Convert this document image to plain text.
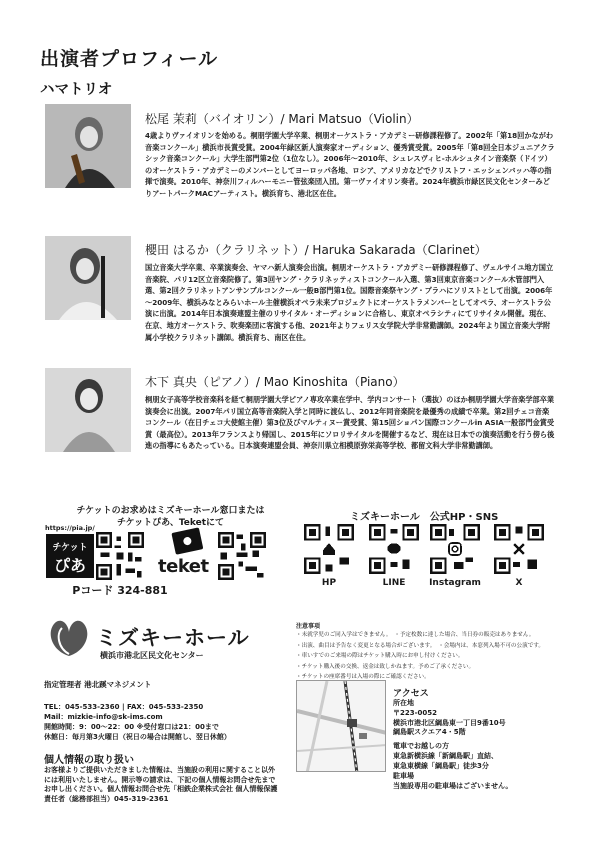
出演者プロフィール
ハマトリオ
松尾 茉莉（バイオリン）/ Mari Matsuo（Violin）
4歳よりヴァイオリンを始める。桐朋学園大学卒業、桐朋オーケストラ・アカデミー研修課程修了。2002年「第18回かながわ音楽コンクール」横浜市長賞受賞。2004年緑区新人演奏家オーディション、優秀賞受賞。2005年「第8回全日本ジュニアクラシック音楽コンクール」大学生部門第2位（1位なし）。2006年～2010年、シュレスヴィヒ-ホルシュタイン音楽祭（ドイツ）のオーケストラ・アカデミーのメンバーとしてヨーロッパ各地、ロシア、アメリカなどでクリストフ・エッシェンバッハ等の指揮で演奏。2010年、神奈川フィルハーモニー管弦楽団入団。第一ヴァイオリン奏者。2024年横浜市緑区民文化センターみどりアートパークMACアーティスト。横浜育ち、港北区在住。
櫻田 はるか（クラリネット）/ Haruka Sakarada（Clarinet）
国立音楽大学卒業、卒業演奏会、ヤマハ新人演奏会出演。桐朋オーケストラ・アカデミー研修課程修了、ヴェルサイユ地方国立音楽院、パリ12区立音楽院修了。第3回ヤング・クラリネッティストコンクール入選、第3回東京音楽コンクール木管部門入選、第2回クラリネットアンサンブルコンクール一般B部門第1位。国際音楽祭ヤング・プラハにソリストとして出演。2006年～2009年、横浜みなとみらいホール主催横浜オペラ未来プロジェクトにオーケストラメンバーとしてオペラ、オーケストラ公演に出演。2014年日本演奏連盟主催のリサイタル・オーディションに合格し、東京オペラシティにてリサイタル開催。現在、在京、地方オーケストラ、吹奏楽団に客演する他、2021年よりフェリス女学院大学非常勤講師。2024年より国立音楽大学附属小学校クラリネット講師。横浜育ち、南区在住。
木下 真央（ピアノ）/ Mao Kinoshita（Piano）
桐朋女子高等学校音楽科を経て桐朋学園大学ピアノ専攻卒業在学中、学内コンサート（選抜）のほか桐朋学園大学音楽学部卒業演奏会に出演。2007年パリ国立高等音楽院入学と同時に渡仏し、2012年同音楽院を最優秀の成績で卒業。第2回チェコ音楽コンクール（在日チェコ大使館主催）第3位及びマルティヌー賞受賞、第15回ショパン国際コンクールin ASIA一般部門金賞受賞（最高位）。2013年フランスより帰国し、2015年にソロリサイタルを開催するなど、現在は日本での演奏活動を行う傍ら後進の指導にもあたっている。日本演奏連盟会員、神奈川県立相模原弥栄高等学校、都留文科大学非常勤講師。
チケットのお求めはミズキーホール窓口または
チケットぴあ、Teketにて
https://pia.jp/
チケット
ぴあ	teket
Pコード 324-881
ミズキーホール　公式HP・SNS
HP	LINE	Instagram	X
ミズキーホール
横浜市港北区民文化センター
指定管理者 港北蹊マネジメント
TEL：045-533-2360 | FAX：045-533-2350
Mail：mizkie-info@sk-ims.com
開館時間：9：00～22：00 ※受付窓口は21：00まで
休館日：毎月第3火曜日（祝日の場合は開館し、翌日休館）
個人情報の取り扱い
お客様よりご提供いただきました情報は、当施設の利用に関すること以外には利用いたしません。開示等の請求は、下記の個人情報お問合せ先までお申し出ください。個人情報お問合せ先「相鉄企業株式会社 個人情報保護責任者（総務部担当）045-319-2361
注意事項
・未就学児のご同入学はできません。　・予定枚数に達した場合、当日券の販売はありません。
・出演、曲目は予告なく変更となる場合がございます。　・会場内は、本窓列入場不可の公演です。
・車いすでのご来場の際はチケット購入時にお申し付けください。
・チケット購入後の交換、返金は致しかねます。予めご了承ください。
・チケットの座席番号は入場の際にご確認ください。
アクセス
所在地
〒223-0052
横浜市港北区綱島東一丁目9番10号
綱島駅スクエア4・5階
電車でお越しの方
東急新横浜線「新綱島駅」直結、
東急東横線「綱島駅」徒歩3分
駐車場
当施設専用の駐車場はございません。
